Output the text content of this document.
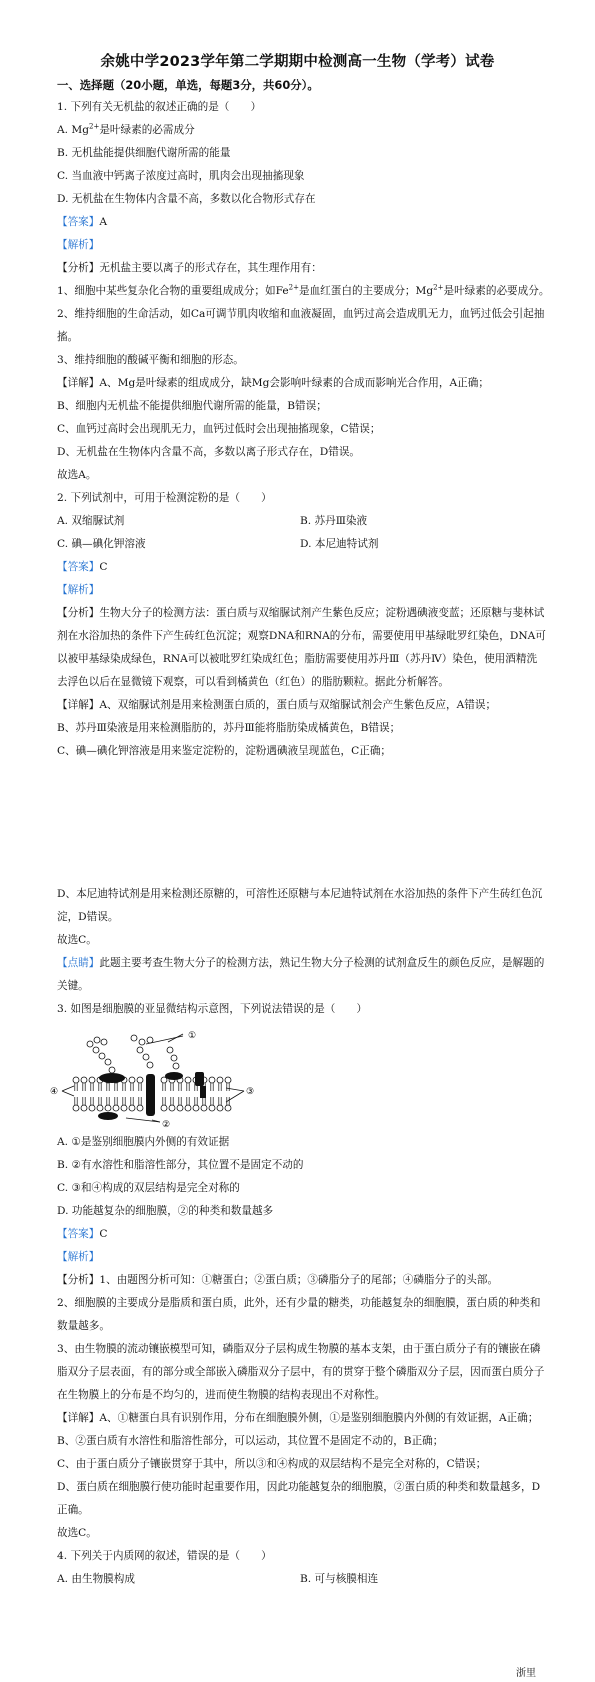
余姚中学2023学年第二学期期中检测高一生物（学考）试卷
一、选择题（20小题，单选，每题3分，共60分）。
1. 下列有关无机盐的叙述正确的是（　　）
A. $Mg^{2+}$是叶绿素的必需成分
B. 无机盐能提供细胞代谢所需的能量
C. 当血液中钙离子浓度过高时，肌肉会出现抽搐现象
D. 无机盐在生物体内含量不高，多数以化合物形式存在
【答案】A
【解析】
【分析】无机盐主要以离子的形式存在，其生理作用有：
1、细胞中某些复杂化合物的重要组成成分；如$Fe^{2+}$是血红蛋白的主要成分；$Mg^{2+}$是叶绿素的必要成分。
2、维持细胞的生命活动，如Ca可调节肌肉收缩和血液凝固，血钙过高会造成肌无力，血钙过低会引起抽
搐。
3、维持细胞的酸碱平衡和细胞的形态。
【详解】A、Mg是叶绿素的组成成分，缺Mg会影响叶绿素的合成而影响光合作用，A正确；
B、细胞内无机盐不能提供细胞代谢所需的能量，B错误；
C、血钙过高时会出现肌无力，血钙过低时会出现抽搐现象，C错误；
D、无机盐在生物体内含量不高，多数以离子形式存在，D错误。
故选A。
2. 下列试剂中，可用于检测淀粉的是（　　）
A. 双缩脲试剂	B. 苏丹Ⅲ染液
C. 碘—碘化钾溶液	D. 本尼迪特试剂
【答案】C
【解析】
【分析】生物大分子的检测方法：蛋白质与双缩脲试剂产生紫色反应；淀粉遇碘液变蓝；还原糖与斐林试
剂在水浴加热的条件下产生砖红色沉淀；观察DNA和RNA的分布，需要使用甲基绿吡罗红染色，DNA可
以被甲基绿染成绿色，RNA可以被吡罗红染成红色；脂肪需要使用苏丹Ⅲ（苏丹Ⅳ）染色，使用酒精洗
去浮色以后在显微镜下观察，可以看到橘黄色（红色）的脂肪颗粒。据此分析解答。
【详解】A、双缩脲试剂是用来检测蛋白质的，蛋白质与双缩脲试剂会产生紫色反应，A错误；
B、苏丹Ⅲ染液是用来检测脂肪的，苏丹Ⅲ能将脂肪染成橘黄色，B错误；
C、碘—碘化钾溶液是用来鉴定淀粉的，淀粉遇碘液呈现蓝色，C正确；
D、本尼迪特试剂是用来检测还原糖的，可溶性还原糖与本尼迪特试剂在水浴加热的条件下产生砖红色沉
淀，D错误。
故选C。
【点睛】此题主要考查生物大分子的检测方法，熟记生物大分子检测的试剂盒反生的颜色反应，是解题的
关键。
3. 如图是细胞膜的亚显微结构示意图，下列说法错误的是（　　）
①
④	③
②
A. ①是鉴别细胞膜内外侧的有效证据
B. ②有水溶性和脂溶性部分，其位置不是固定不动的
C. ③和④构成的双层结构是完全对称的
D. 功能越复杂的细胞膜，②的种类和数量越多
【答案】C
【解析】
【分析】1、由题图分析可知：①糖蛋白；②蛋白质；③磷脂分子的尾部；④磷脂分子的头部。
2、细胞膜的主要成分是脂质和蛋白质，此外，还有少量的糖类，功能越复杂的细胞膜，蛋白质的种类和
数量越多。
3、由生物膜的流动镶嵌模型可知，磷脂双分子层构成生物膜的基本支架，由于蛋白质分子有的镶嵌在磷
脂双分子层表面，有的部分或全部嵌入磷脂双分子层中，有的贯穿于整个磷脂双分子层，因而蛋白质分子
在生物膜上的分布是不均匀的，进而使生物膜的结构表现出不对称性。
【详解】A、①糖蛋白具有识别作用，分布在细胞膜外侧，①是鉴别细胞膜内外侧的有效证据，A正确；
B、②蛋白质有水溶性和脂溶性部分，可以运动，其位置不是固定不动的，B正确；
C、由于蛋白质分子镶嵌贯穿于其中，所以③和④构成的双层结构不是完全对称的，C错误；
D、蛋白质在细胞膜行使功能时起重要作用，因此功能越复杂的细胞膜，②蛋白质的种类和数量越多，D
正确。
故选C。
4. 下列关于内质网的叙述，错误的是（　　）
A. 由生物膜构成	B. 可与核膜相连
浙里
